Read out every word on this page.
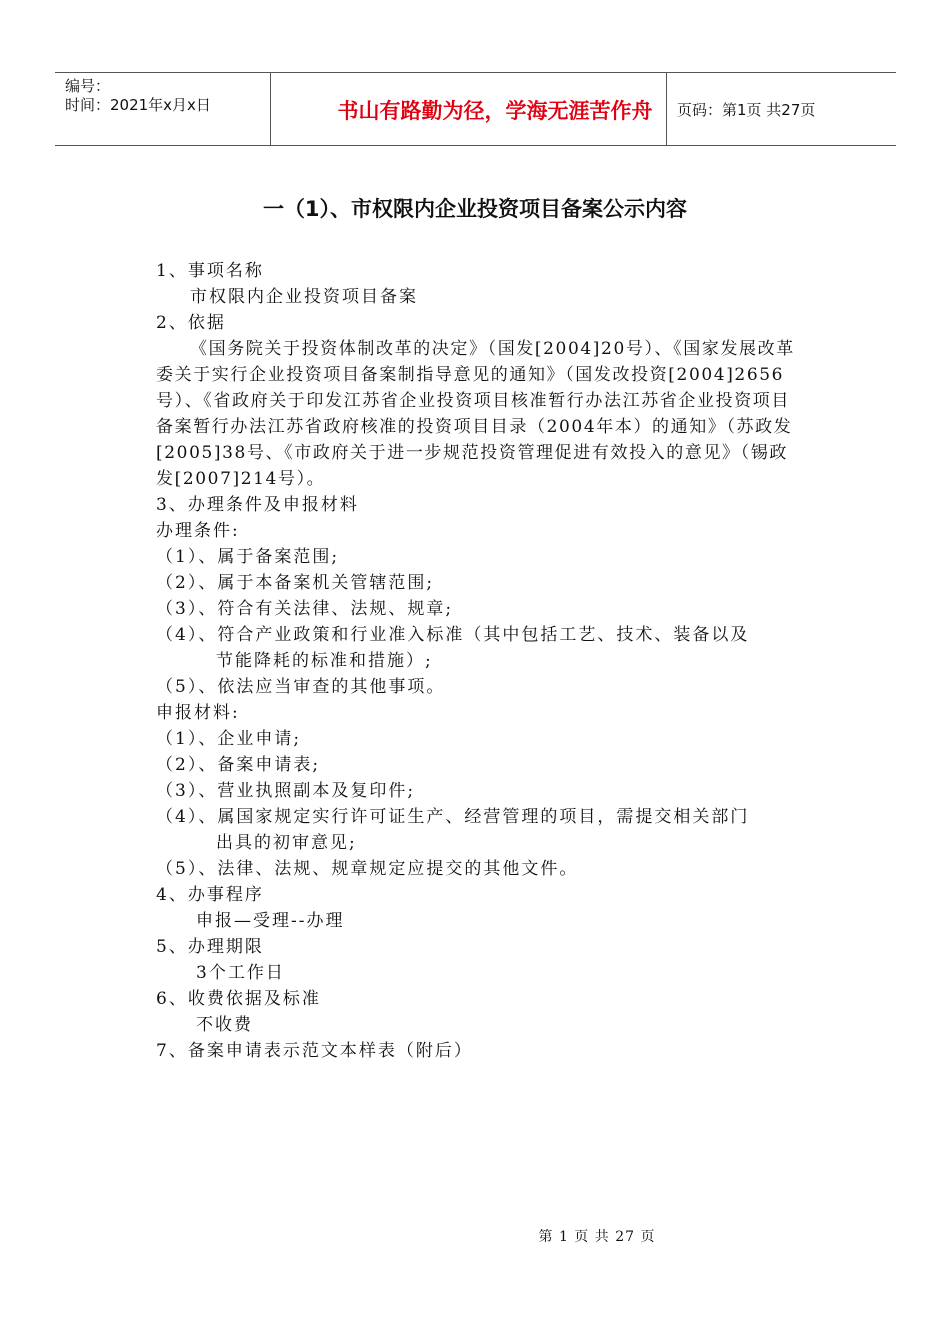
编号：
时间：2021年x月x日	书山有路勤为径，学海无涯苦作舟	页码：第1页 共27页
一（1）、市权限内企业投资项目备案公示内容
1、事项名称
市权限内企业投资项目备案
2、依据
《国务院关于投资体制改革的决定》（国发[2004]20号）、《国家发展改革委关于实行企业投资项目备案制指导意见的通知》（国发改投资[2004]2656号）、《省政府关于印发江苏省企业投资项目核准暂行办法江苏省企业投资项目备案暂行办法江苏省政府核准的投资项目目录（2004年本）的通知》（苏政发[2005]38号、《市政府关于进一步规范投资管理促进有效投入的意见》（锡政发[2007]214号）。
3、办理条件及申报材料
办理条件:
（1）、属于备案范围;
（2）、属于本备案机关管辖范围;
（3）、符合有关法律、法规、规章;
（4）、符合产业政策和行业准入标准（其中包括工艺、技术、装备以及
节能降耗的标准和措施）;
（5）、依法应当审查的其他事项。
申报材料:
（1）、企业申请;
（2）、备案申请表;
（3）、营业执照副本及复印件;
（4）、属国家规定实行许可证生产、经营管理的项目，需提交相关部门
出具的初审意见;
（5）、法律、法规、规章规定应提交的其他文件。
4、办事程序
申报—受理--办理
5、办理期限
3个工作日
6、收费依据及标准
不收费
7、备案申请表示范文本样表（附后）
第 1 页 共 27 页
